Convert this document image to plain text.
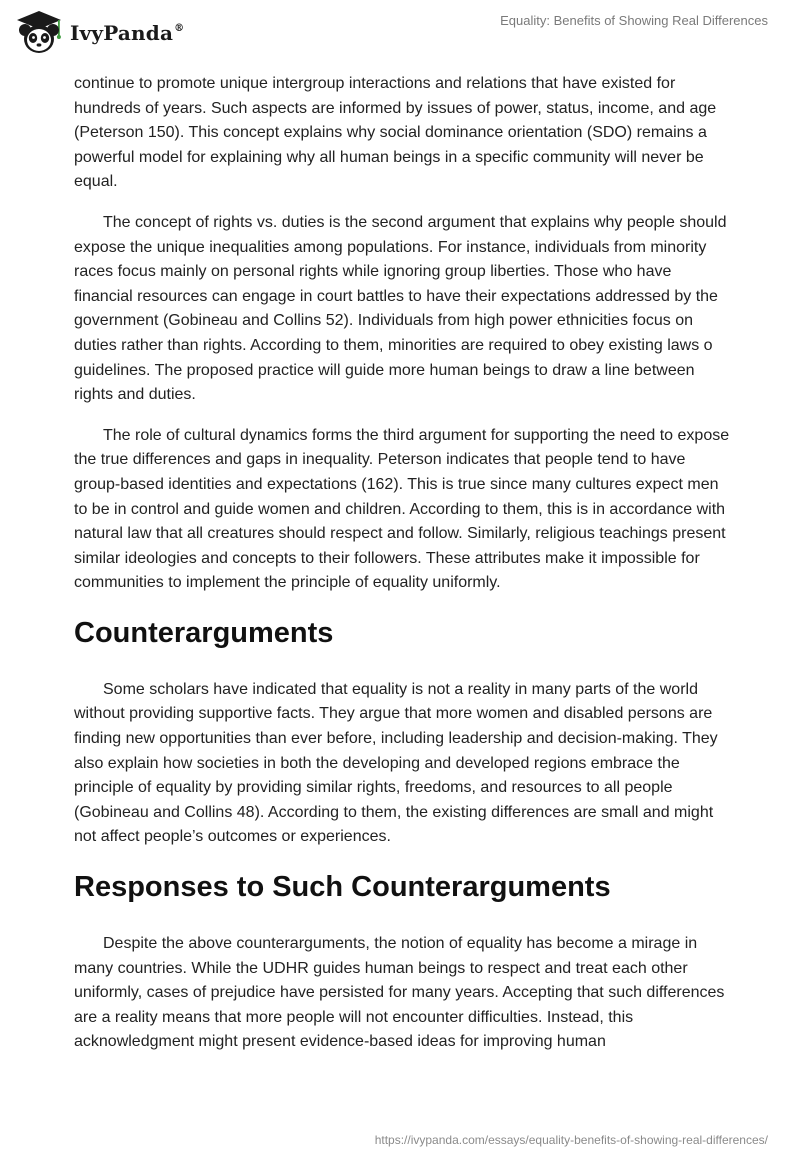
IvyPanda®
Equality: Benefits of Showing Real Differences

continue to promote unique intergroup interactions and relations that have existed for hundreds of years. Such aspects are informed by issues of power, status, income, and age (Peterson 150). This concept explains why social dominance orientation (SDO) remains a powerful model for explaining why all human beings in a specific community will never be equal.

The concept of rights vs. duties is the second argument that explains why people should expose the unique inequalities among populations. For instance, individuals from minority races focus mainly on personal rights while ignoring group liberties. Those who have financial resources can engage in court battles to have their expectations addressed by the government (Gobineau and Collins 52). Individuals from high power ethnicities focus on duties rather than rights. According to them, minorities are required to obey existing laws o guidelines. The proposed practice will guide more human beings to draw a line between rights and duties.

The role of cultural dynamics forms the third argument for supporting the need to expose the true differences and gaps in inequality. Peterson indicates that people tend to have group-based identities and expectations (162). This is true since many cultures expect men to be in control and guide women and children. According to them, this is in accordance with natural law that all creatures should respect and follow. Similarly, religious teachings present similar ideologies and concepts to their followers. These attributes make it impossible for communities to implement the principle of equality uniformly.

Counterarguments

Some scholars have indicated that equality is not a reality in many parts of the world without providing supportive facts. They argue that more women and disabled persons are finding new opportunities than ever before, including leadership and decision-making. They also explain how societies in both the developing and developed regions embrace the principle of equality by providing similar rights, freedoms, and resources to all people (Gobineau and Collins 48). According to them, the existing differences are small and might not affect people’s outcomes or experiences.

Responses to Such Counterarguments

Despite the above counterarguments, the notion of equality has become a mirage in many countries. While the UDHR guides human beings to respect and treat each other uniformly, cases of prejudice have persisted for many years. Accepting that such differences are a reality means that more people will not encounter difficulties. Instead, this acknowledgment might present evidence-based ideas for improving human

https://ivypanda.com/essays/equality-benefits-of-showing-real-differences/
